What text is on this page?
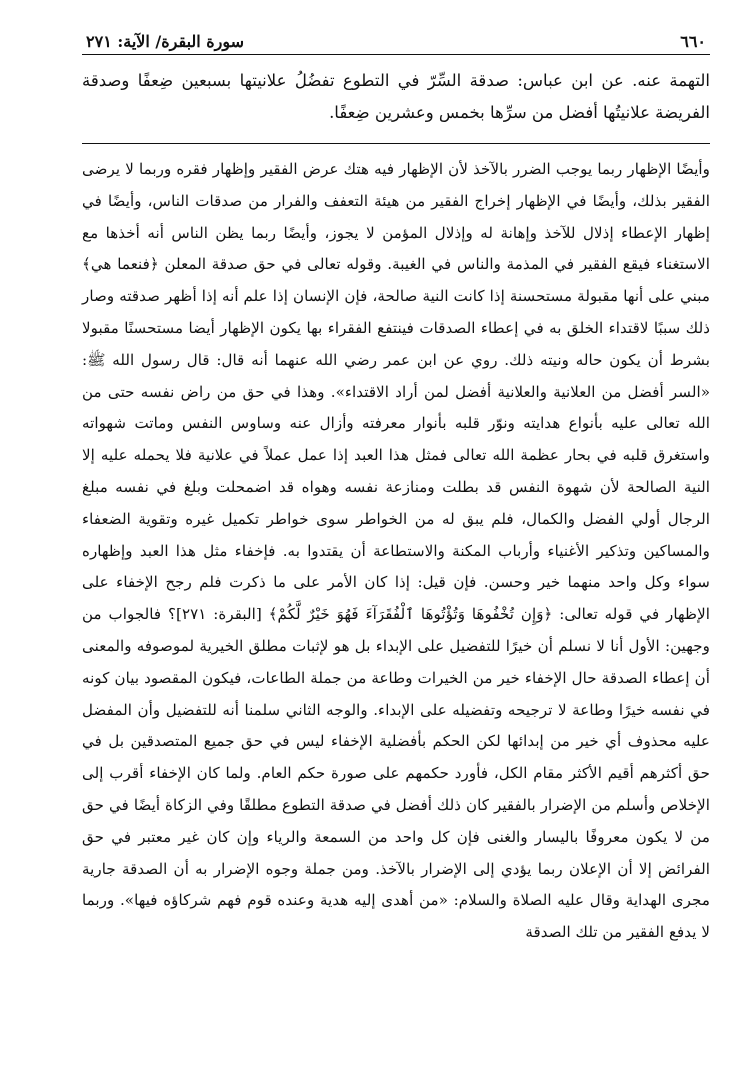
٦٦٠
سورة البقرة/ الآية: ٢٧١
التهمة عنه. عن ابن عباس: صدقة السِّرّ في التطوع تفضُلُ علانيتها بسبعين ضِعفًا وصدقة الفريضة علانيتُها أفضل من سرِّها بخمس وعشرين ضِعفًا.

وأيضًا الإظهار ربما يوجب الضرر بالآخذ لأن الإظهار فيه هتك عرض الفقير وإظهار فقره وربما لا يرضى الفقير بذلك، وأيضًا في الإظهار إخراج الفقير من هيئة التعفف والفرار من صدقات الناس، وأيضًا في إظهار الإعطاء إذلال للآخذ وإهانة له وإذلال المؤمن لا يجوز، وأيضًا ربما يظن الناس أنه أخذها مع الاستغناء فيقع الفقير في المذمة والناس في الغيبة. وقوله تعالى في حق صدقة المعلن ﴿فنعما هي﴾ مبني على أنها مقبولة مستحسنة إذا كانت النية صالحة، فإن الإنسان إذا علم أنه إذا أظهر صدقته وصار ذلك سببًا لاقتداء الخلق به في إعطاء الصدقات فينتفع الفقراء بها يكون الإظهار أيضا مستحسنًا مقبولا بشرط أن يكون حاله ونيته ذلك. روي عن ابن عمر رضي الله عنهما أنه قال: قال رسول الله ﷺ: «السر أفضل من العلانية والعلانية أفضل لمن أراد الاقتداء». وهذا في حق من راض نفسه حتى من الله تعالى عليه بأنواع هدايته ونوّر قلبه بأنوار معرفته وأزال عنه وساوس النفس وماتت شهواته واستغرق قلبه في بحار عظمة الله تعالى فمثل هذا العبد إذا عمل عملاً في علانية فلا يحمله عليه إلا النية الصالحة لأن شهوة النفس قد بطلت ومنازعة نفسه وهواه قد اضمحلت وبلغ في نفسه مبلغ الرجال أولي الفضل والكمال، فلم يبق له من الخواطر سوى خواطر تكميل غيره وتقوية الضعفاء والمساكين وتذكير الأغنياء وأرباب المكنة والاستطاعة أن يقتدوا به. فإخفاء مثل هذا العبد وإظهاره سواء وكل واحد منهما خير وحسن. فإن قيل: إذا كان الأمر على ما ذكرت فلم رجح الإخفاء على الإظهار في قوله تعالى: ﴿وَإِن تُخْفُوهَا وَتُؤْتُوهَا ٱلْفُقَرَآءَ فَهُوَ خَيْرٌ لَّكُمْ﴾ [البقرة: ٢٧١]؟ فالجواب من وجهين: الأول أنا لا نسلم أن خيرًا للتفضيل على الإبداء بل هو لإثبات مطلق الخيرية لموصوفه والمعنى أن إعطاء الصدقة حال الإخفاء خير من الخيرات وطاعة من جملة الطاعات، فيكون المقصود بيان كونه في نفسه خيرًا وطاعة لا ترجيحه وتفضيله على الإبداء. والوجه الثاني سلمنا أنه للتفضيل وأن المفضل عليه محذوف أي خير من إبدائها لكن الحكم بأفضلية الإخفاء ليس في حق جميع المتصدقين بل في حق أكثرهم أقيم الأكثر مقام الكل، فأورد حكمهم على صورة حكم العام. ولما كان الإخفاء أقرب إلى الإخلاص وأسلم من الإضرار بالفقير كان ذلك أفضل في صدقة التطوع مطلقًا وفي الزكاة أيضًا في حق من لا يكون معروفًا باليسار والغنى فإن كل واحد من السمعة والرياء وإن كان غير معتبر في حق الفرائض إلا أن الإعلان ربما يؤدي إلى الإضرار بالآخذ. ومن جملة وجوه الإضرار به أن الصدقة جارية مجرى الهداية وقال عليه الصلاة والسلام: «من أهدى إليه هدية وعنده قوم فهم شركاؤه فيها». وربما لا يدفع الفقير من تلك الصدقة
